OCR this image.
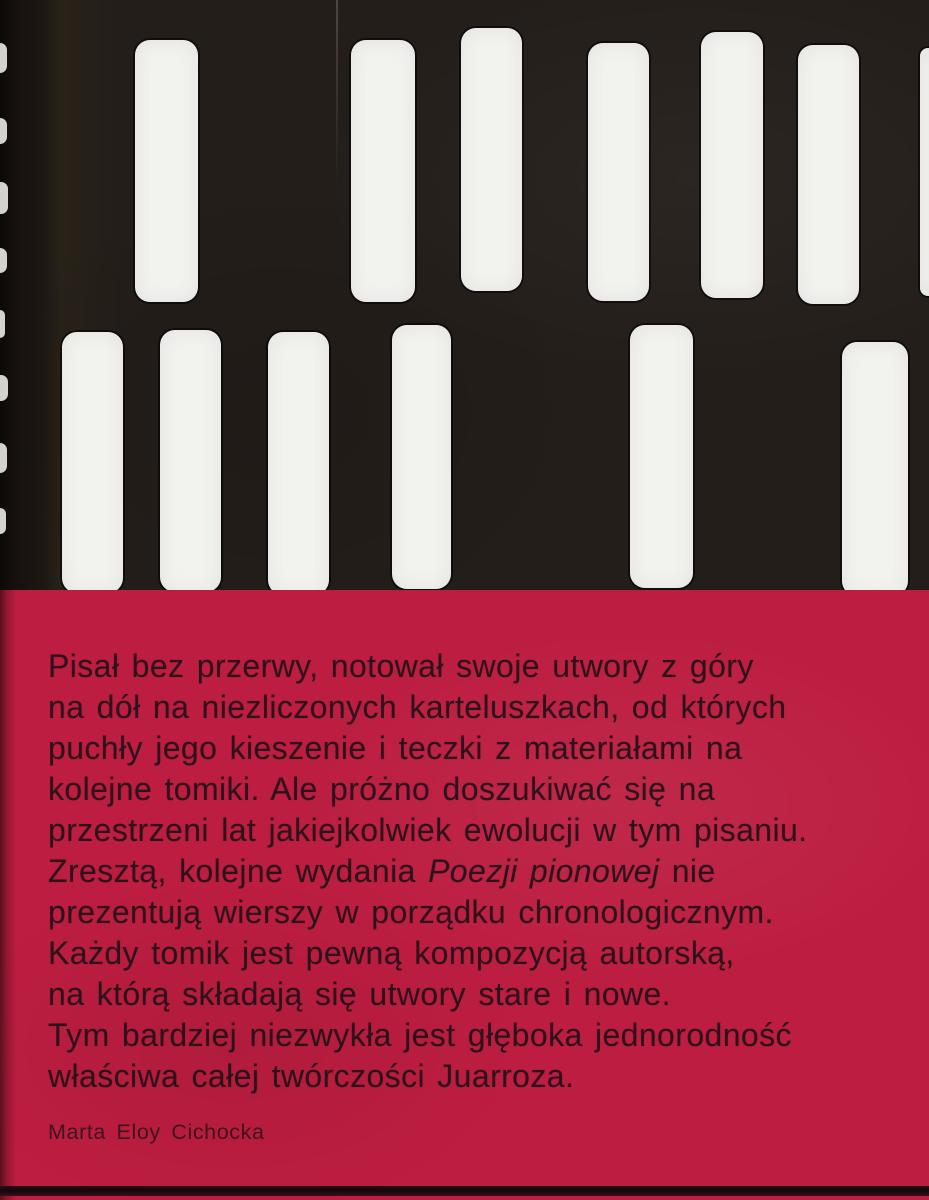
Pisał bez przerwy, notował swoje utwory z góry
na dół na niezliczonych karteluszkach, od których
puchły jego kieszenie i teczki z materiałami na
kolejne tomiki. Ale próżno doszukiwać się na
przestrzeni lat jakiejkolwiek ewolucji w tym pisaniu.
Zresztą, kolejne wydania Poezji pionowej nie
prezentują wierszy w porządku chronologicznym.
Każdy tomik jest pewną kompozycją autorską,
na którą składają się utwory stare i nowe.
Tym bardziej niezwykła jest głęboka jednorodność
właściwa całej twórczości Juarroza.
Marta Eloy Cichocka
